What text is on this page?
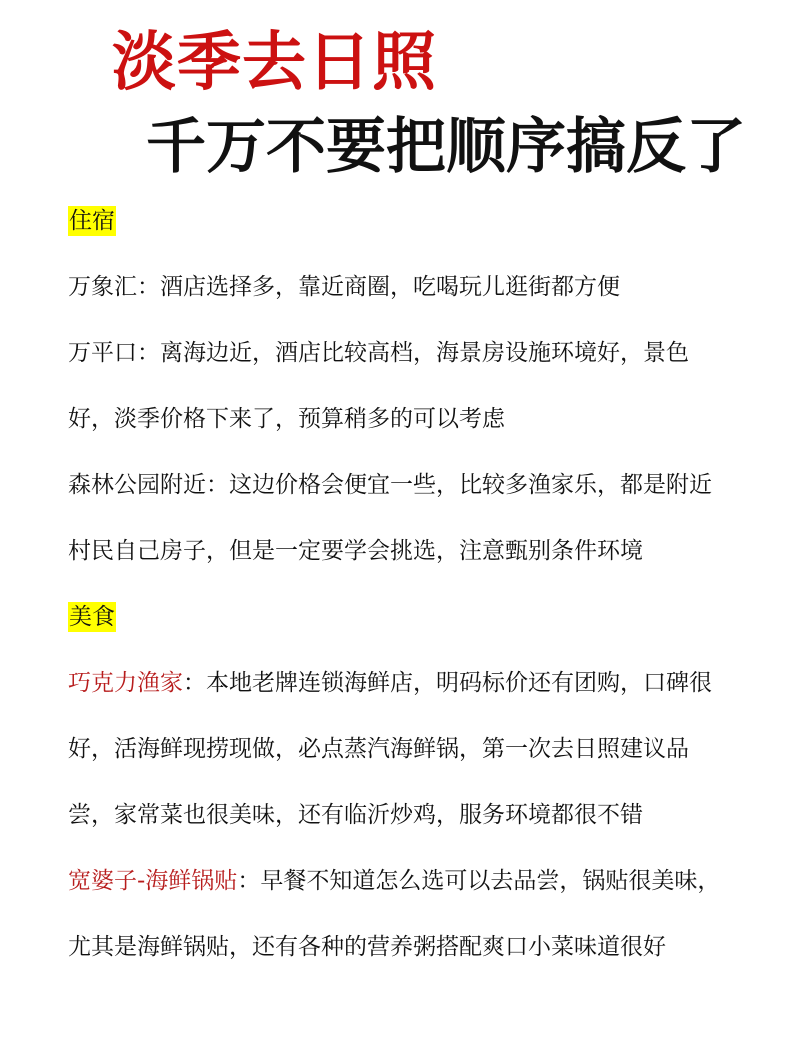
淡季去日照
千万不要把顺序搞反了
住宿

万象汇：酒店选择多，靠近商圈，吃喝玩儿逛街都方便

万平口：离海边近，酒店比较高档，海景房设施环境好，景色好，淡季价格下来了，预算稍多的可以考虑

森林公园附近：这边价格会便宜一些，比较多渔家乐，都是附近村民自己房子，但是一定要学会挑选，注意甄别条件环境

美食

巧克力渔家：本地老牌连锁海鲜店，明码标价还有团购，口碑很好，活海鲜现捞现做，必点蒸汽海鲜锅，第一次去日照建议品尝，家常菜也很美味，还有临沂炒鸡，服务环境都很不错

宽婆子-海鲜锅贴：早餐不知道怎么选可以去品尝，锅贴很美味，尤其是海鲜锅贴，还有各种的营养粥搭配爽口小菜味道很好
